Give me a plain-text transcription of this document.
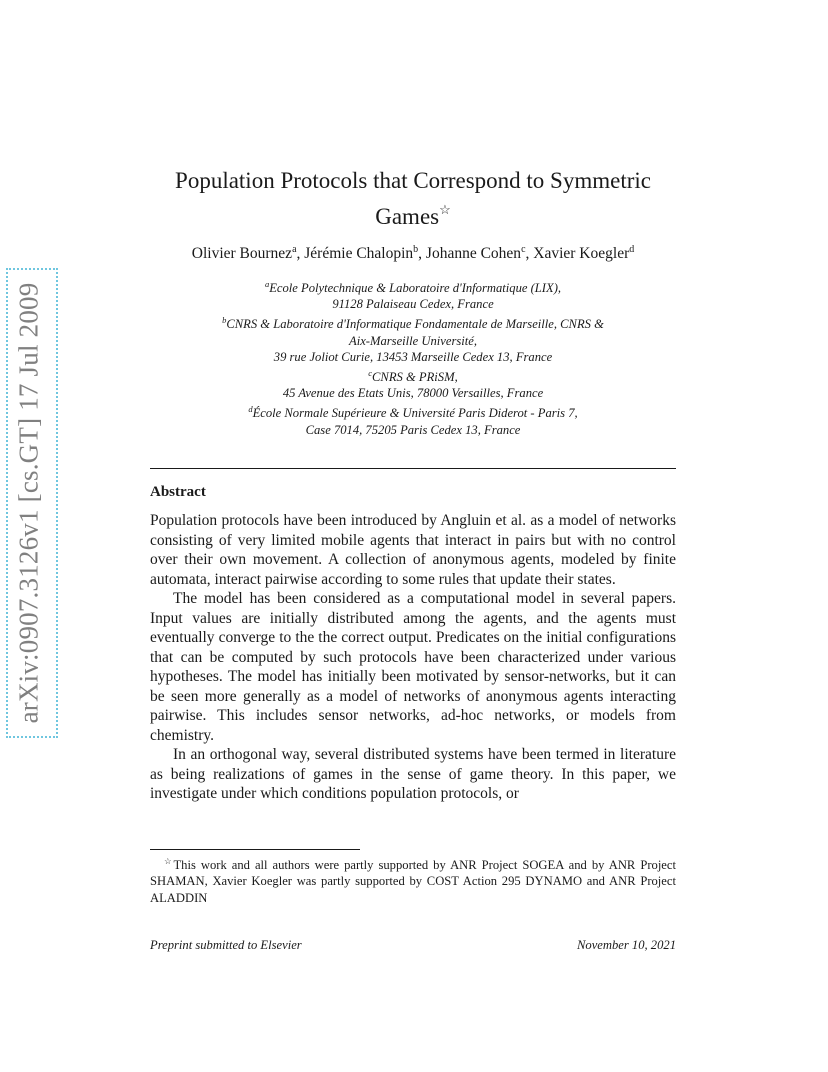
arXiv:0907.3126v1 [cs.GT] 17 Jul 2009
Population Protocols that Correspond to Symmetric Games☆
Olivier Bournez$^a$, Jérémie Chalopin$^b$, Johanne Cohen$^c$, Xavier Koegler$^d$
$^a$Ecole Polytechnique & Laboratoire d'Informatique (LIX),
91128 Palaiseau Cedex, France
$^b$CNRS & Laboratoire d'Informatique Fondamentale de Marseille, CNRS &
Aix-Marseille Université,
39 rue Joliot Curie, 13453 Marseille Cedex 13, France
$^c$CNRS & PRiSM,
45 Avenue des Etats Unis, 78000 Versailles, France
$^d$École Normale Supérieure & Université Paris Diderot - Paris 7,
Case 7014, 75205 Paris Cedex 13, France
Abstract

Population protocols have been introduced by Angluin et al. as a model of networks consisting of very limited mobile agents that interact in pairs but with no control over their own movement. A collection of anonymous agents, modeled by finite automata, interact pairwise according to some rules that update their states.

The model has been considered as a computational model in several papers. Input values are initially distributed among the agents, and the agents must eventually converge to the the correct output. Predicates on the initial configurations that can be computed by such protocols have been characterized under various hypotheses. The model has initially been motivated by sensor-networks, but it can be seen more generally as a model of networks of anonymous agents interacting pairwise. This includes sensor networks, ad-hoc networks, or models from chemistry.

In an orthogonal way, several distributed systems have been termed in literature as being realizations of games in the sense of game theory. In this paper, we investigate under which conditions population protocols, or

☆This work and all authors were partly supported by ANR Project SOGEA and by ANR Project SHAMAN, Xavier Koegler was partly supported by COST Action 295 DYNAMO and ANR Project ALADDIN
Preprint submitted to Elsevier	November 10, 2021
